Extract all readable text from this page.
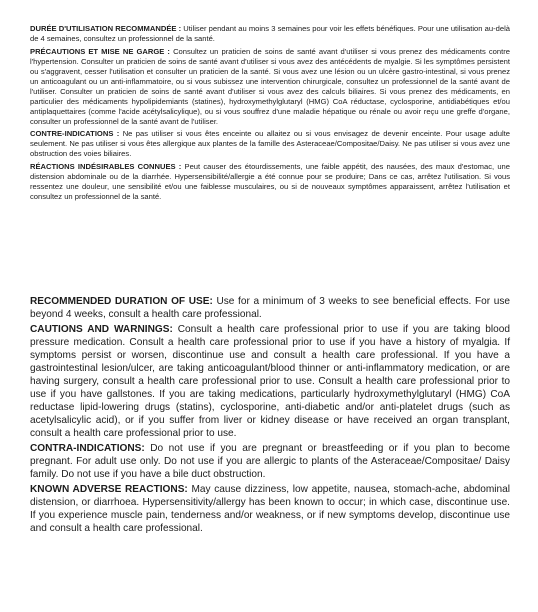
DURÉE D'UTILISATION RECOMMANDÉE : Utiliser pendant au moins 3 semaines pour voir les effets bénéfiques. Pour une utilisation au-delà de 4 semaines, consultez un professionnel de la santé.

PRÉCAUTIONS ET MISE NE GARGE : Consultez un praticien de soins de santé avant d'utiliser si vous prenez des médicaments contre l'hypertension. Consulter un praticien de soins de santé avant d'utiliser si vous avez des antécédents de myalgie. Si les symptômes persistent ou s'aggravent, cesser l'utilisation et consulter un praticien de la santé. Si vous avez une lésion ou un ulcère gastro-intestinal, si vous prenez un anticoagulant ou un anti-inflammatoire, ou si vous subissez une intervention chirurgicale, consultez un professionnel de la santé avant de l'utiliser. Consulter un praticien de soins de santé avant d'utiliser si vous avez des calculs biliaires. Si vous prenez des médicaments, en particulier des médicaments hypolipidemiants (statines), hydroxymethylglutaryl (HMG) CoA réductase, cyclosporine, antidiabétiques et/ou antiplaquettaires (comme l'acide acétylsalicylique), ou si vous souffrez d'une maladie hépatique ou rénale ou avoir reçu une greffe d'organe, consulter un professionnel de la santé avant de l'utiliser.

CONTRE-INDICATIONS : Ne pas utiliser si vous êtes enceinte ou allaitez ou si vous envisagez de devenir enceinte. Pour usage adulte seulement. Ne pas utiliser si vous êtes allergique aux plantes de la famille des Asteraceae/Compositae/Daisy. Ne pas utiliser si vous avez une obstruction des voies biliaires.

RÉACTIONS INDÉSIRABLES CONNUES : Peut causer des étourdissements, une faible appétit, des nausées, des maux d'estomac, une distension abdominale ou de la diarrhée. Hypersensibilité/allergie a été connue pour se produire; Dans ce cas, arrêtez l'utilisation. Si vous ressentez une douleur, une sensibilité et/ou une faiblesse musculaires, ou si de nouveaux symptômes apparaissent, arrêtez l'utilisation et consultez un professionnel de la santé.

RECOMMENDED DURATION OF USE: Use for a minimum of 3 weeks to see beneficial effects. For use beyond 4 weeks, consult a health care professional.

CAUTIONS AND WARNINGS: Consult a health care professional prior to use if you are taking blood pressure medication. Consult a health care professional prior to use if you have a history of myalgia. If symptoms persist or worsen, discontinue use and consult a health care professional. If you have a gastrointestinal lesion/ulcer, are taking anticoagulant/blood thinner or anti-inflammatory medication, or are having surgery, consult a health care professional prior to use. Consult a health care professional prior to use if you have gallstones. If you are taking medications, particularly hydroxymethylglutaryl (HMG) CoA reductase lipid-lowering drugs (statins), cyclosporine, anti-diabetic and/or anti-platelet drugs (such as acetylsalicylic acid), or if you suffer from liver or kidney disease or have received an organ transplant, consult a health care professional prior to use.

CONTRA-INDICATIONS: Do not use if you are pregnant or breastfeeding or if you plan to become pregnant. For adult use only. Do not use if you are allergic to plants of the Asteraceae/Compositae/ Daisy family. Do not use if you have a bile duct obstruction.

KNOWN ADVERSE REACTIONS: May cause dizziness, low appetite, nausea, stomach-ache, abdominal distension, or diarrhoea. Hypersensitivity/allergy has been known to occur; in which case, discontinue use. If you experience muscle pain, tenderness and/or weakness, or if new symptoms develop, discontinue use and consult a health care professional.
